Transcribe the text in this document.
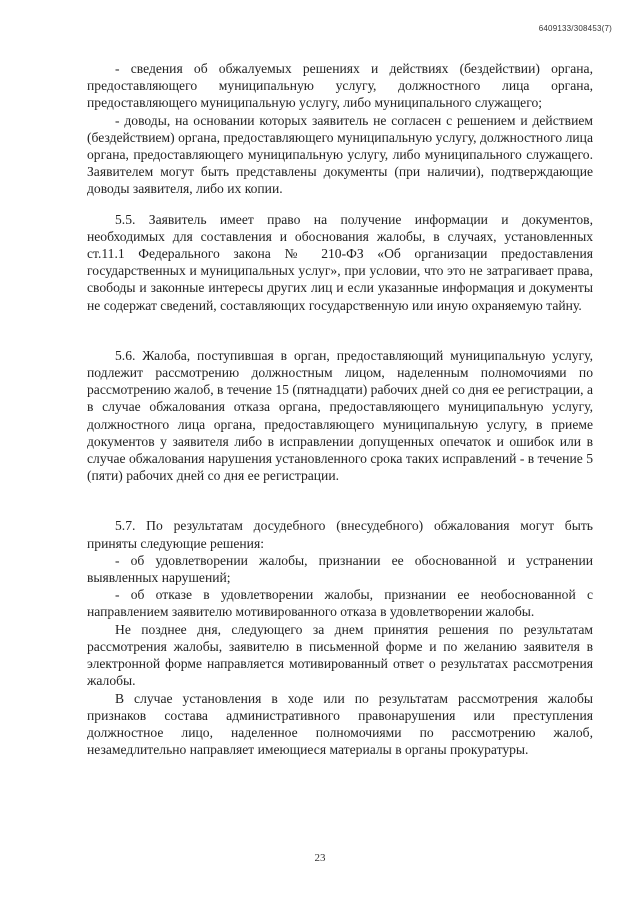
6409133/308453(7)

- сведения об обжалуемых решениях и действиях (бездействии) органа, предоставляющего муниципальную услугу, должностного лица органа, предоставляющего муниципальную услугу, либо муниципального служащего;

- доводы, на основании которых заявитель не согласен с решением и действием (бездействием) органа, предоставляющего муниципальную услугу, должностного лица органа, предоставляющего муниципальную услугу, либо муниципального служащего. Заявителем могут быть представлены документы (при наличии), подтверждающие доводы заявителя, либо их копии.

5.5. Заявитель имеет право на получение информации и документов, необходимых для составления и обоснования жалобы, в случаях, установленных ст.11.1 Федерального закона № 210-ФЗ «Об организации предоставления государственных и муниципальных услуг», при условии, что это не затрагивает права, свободы и законные интересы других лиц и если указанные информация и документы не содержат сведений, составляющих государственную или иную охраняемую тайну.

5.6. Жалоба, поступившая в орган, предоставляющий муниципальную услугу, подлежит рассмотрению должностным лицом, наделенным полномочиями по рассмотрению жалоб, в течение 15 (пятнадцати) рабочих дней со дня ее регистрации, а в случае обжалования отказа органа, предоставляющего муниципальную услугу, должностного лица органа, предоставляющего муниципальную услугу, в приеме документов у заявителя либо в исправлении допущенных опечаток и ошибок или в случае обжалования нарушения установленного срока таких исправлений - в течение 5 (пяти) рабочих дней со дня ее регистрации.

5.7. По результатам досудебного (внесудебного) обжалования могут быть приняты следующие решения:

- об удовлетворении жалобы, признании ее обоснованной и устранении выявленных нарушений;

- об отказе в удовлетворении жалобы, признании ее необоснованной с направлением заявителю мотивированного отказа в удовлетворении жалобы.

Не позднее дня, следующего за днем принятия решения по результатам рассмотрения жалобы, заявителю в письменной форме и по желанию заявителя в электронной форме направляется мотивированный ответ о результатах рассмотрения жалобы.

В случае установления в ходе или по результатам рассмотрения жалобы признаков состава административного правонарушения или преступления должностное лицо, наделенное полномочиями по рассмотрению жалоб, незамедлительно направляет имеющиеся материалы в органы прокуратуры.

23
